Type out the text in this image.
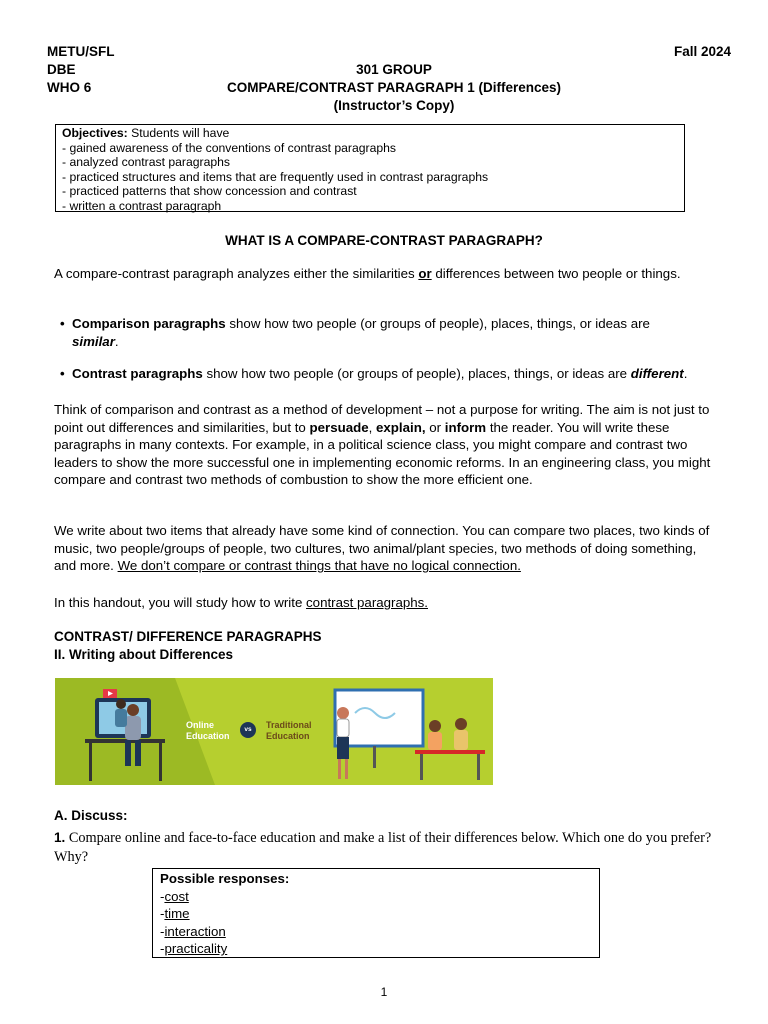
METU/SFL
DBE
WHO 6
Fall 2024
301 GROUP
COMPARE/CONTRAST PARAGRAPH 1 (Differences)
(Instructor’s Copy)
Objectives: Students will have
- gained awareness of the conventions of contrast paragraphs
- analyzed contrast paragraphs
- practiced structures and items that are frequently used in contrast paragraphs
- practiced patterns that show concession and contrast
- written a contrast paragraph
WHAT IS A COMPARE-CONTRAST PARAGRAPH?

A compare-contrast paragraph analyzes either the similarities or differences between two people or things.

• Comparison paragraphs show how two people (or groups of people), places, things, or ideas are similar.

• Contrast paragraphs show how two people (or groups of people), places, things, or ideas are different.

Think of comparison and contrast as a method of development – not a purpose for writing. The aim is not just to point out differences and similarities, but to persuade, explain, or inform the reader. You will write these paragraphs in many contexts. For example, in a political science class, you might compare and contrast two leaders to show the more successful one in implementing economic reforms. In an engineering class, you might compare and contrast two methods of combustion to show the more efficient one.

We write about two items that already have some kind of connection. You can compare two places, two kinds of music, two people/groups of people, two cultures, two animal/plant species, two methods of doing something, and more. We don’t compare or contrast things that have no logical connection.

In this handout, you will study how to write contrast paragraphs.

CONTRAST/ DIFFERENCE PARAGRAPHS
II. Writing about Differences
Online
Education
vs	Traditional
Education
A. Discuss:

1. Compare online and face-to-face education and make a list of their differences below. Which one do you prefer? Why?

Possible responses:
-cost
-time
-interaction
-practicality
1
